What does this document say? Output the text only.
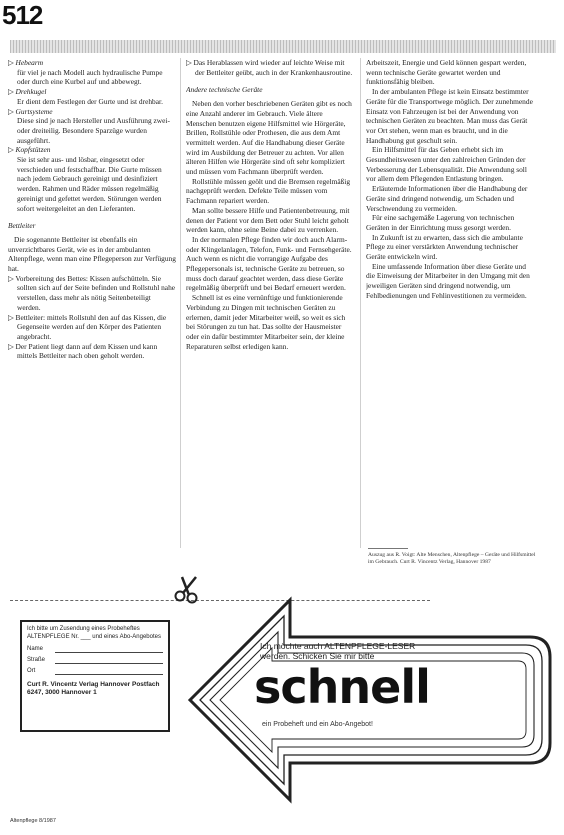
512

▷ Hebearm
für viel je nach Modell auch hydraulische Pumpe oder durch eine Kurbel auf und abbewegt.

▷ Drehkugel
Er dient dem Festlegen der Gurte und ist drehbar.

▷ Gurtsysteme
Diese sind je nach Hersteller und Ausführung zwei- oder dreiteilig. Besondere Sparzüge wurden ausgeführt.

▷ Kopfstützen
Sie ist sehr aus- und lösbar, eingesetzt oder verschieden und festschaffbar. Die Gurte müssen nach jedem Gebrauch gereinigt und desinfiziert werden. Rahmen und Räder müssen regelmäßig gereinigt und gefettet werden. Störungen werden sofort weitergeleitet an den Lieferanten.

Bettleiter

Die sogenannte Bettleiter ist ebenfalls ein unverzichtbares Gerät, wie es in der ambulanten Altenpflege, wenn man eine Pflegeperson zur Verfügung hat.

▷ Vorbereitung des Bettes: Kissen aufschütteln. Sie sollten sich auf der Seite befinden und Rollstuhl nahe verstellen, dass mehr als nötig Seitenbeteiligt werden.

▷ Bettleiter: mittels Rollstuhl den auf das Kissen, die Gegenseite werden auf den Körper des Patienten angebracht.

▷ Der Patient liegt dann auf dem Kissen und kann mittels Bettleiter nach oben geholt werden.

▷ Das Herablassen wird wieder auf leichte Weise mit der Bettleiter geübt, auch in der Krankenhausroutine.

Andere technische Geräte

Neben den vorher beschriebenen Geräten gibt es noch eine Anzahl anderer im Gebrauch. Viele ältere Menschen benutzen eigene Hilfsmittel wie Hörgeräte, Brillen, Rollstühle oder Prothesen, die aus dem Amt vermittelt werden. Auf die Handhabung dieser Geräte wird im Ausbildung der Betreuer zu achten. Vor allen älteren Hilfen wie Hörgeräte sind oft sehr kompliziert und müssen vom Fachmann überprüft werden.

Rollstühle müssen geölt und die Bremsen regelmäßig nachgeprüft werden. Defekte Teile müssen vom Fachmann repariert werden.

Man sollte bessere Hilfe und Patientenbetreuung, mit denen der Patient vor dem Bett oder Stuhl leicht geholt werden kann, ohne seine Beine dabei zu verrenken.

In der normalen Pflege finden wir doch auch Alarm- oder Klingelanlagen, Telefon, Funk- und Fernsehgeräte. Auch wenn es nicht die vorrangige Aufgabe des Pflegepersonals ist, technische Geräte zu betreuen, so muss doch darauf geachtet werden, dass diese Geräte regelmäßig überprüft und bei Bedarf erneuert werden.

Schnell ist es eine vernünftige und funktionierende Verbindung zu Dingen mit technischen Geräten zu erlernen, damit jeder Mitarbeiter weiß, so weit es sich bei Störungen zu tun hat. Das sollte der Hausmeister oder ein dafür bestimmter Mitarbeiter sein, der kleine Reparaturen selbst erledigen kann.

Arbeitszeit, Energie und Geld können gespart werden, wenn technische Geräte gewartet werden und funktionsfähig bleiben.

In der ambulanten Pflege ist kein Einsatz bestimmter Geräte für die Transportwege möglich. Der zunehmende Einsatz von Fahrzeugen ist bei der Anwendung von technischen Geräten zu beachten. Man muss das Gerät vor Ort stehen, wenn man es braucht, und in die Handhabung gut geschult sein.

Ein Hilfsmittel für das Geben erhebt sich im Gesundheitswesen unter den zahlreichen Gründen der Verbesserung der Lebensqualität. Die Anwendung soll vor allem dem Pflegenden Entlastung bringen.

Erläuternde Informationen über die Handhabung der Geräte sind dringend notwendig, um Schaden und Verschwendung zu vermeiden.

Für eine sachgemäße Lagerung von technischen Geräten in der Einrichtung muss gesorgt werden.

In Zukunft ist zu erwarten, dass sich die ambulante Pflege zu einer verstärkten Anwendung technischer Geräte entwickeln wird.

Eine umfassende Information über diese Geräte und die Einweisung der Mitarbeiter in den Umgang mit den jeweiligen Geräten sind dringend notwendig, um Fehlbedienungen und Fehlinvestitionen zu vermeiden.

Auszug aus R. Voigt: Alte Menschen, Altenpflege – Geräte und Hilfsmittel im Gebrauch. Curt R. Vincentz Verlag, Hannover 1987
Ich möchte auch ALTENPFLEGE-LESER werden. Schicken Sie mir bitte
schnell
ein Probeheft und ein Abo-Angebot!

Ich bitte um Zusendung eines Probeheftes ALTENPFLEGE Nr. ___ und eines Abo-Angebotes

Name
Straße
Ort
Curt R. Vincentz Verlag Hannover Postfach 6247, 3000 Hannover 1
Altenpflege 8/1987
